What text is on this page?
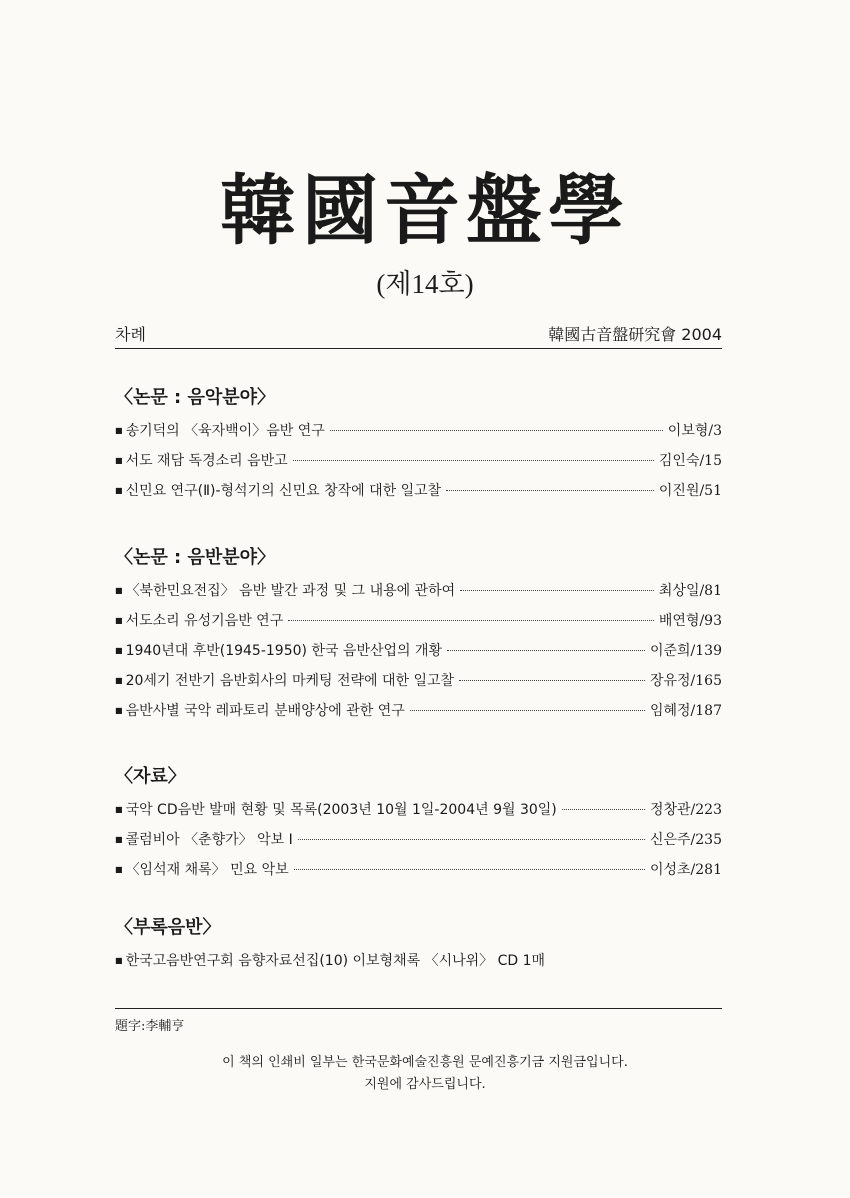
韓國音盤學
(제14호)
차례	韓國古音盤研究會 2004
〈논문 : 음악분야〉
■ 송기덕의 〈육자백이〉음반 연구	이보형/3
■ 서도 재담 독경소리 음반고	김인숙/15
■ 신민요 연구(Ⅱ)-형석기의 신민요 창작에 대한 일고찰	이진원/51
〈논문 : 음반분야〉
■ 〈북한민요전집〉 음반 발간 과정 및 그 내용에 관하여	최상일/81
■ 서도소리 유성기음반 연구	배연형/93
■ 1940년대 후반(1945-1950) 한국 음반산업의 개황	이준희/139
■ 20세기 전반기 음반회사의 마케팅 전략에 대한 일고찰	장유정/165
■ 음반사별 국악 레파토리 분배양상에 관한 연구	임혜정/187
〈자료〉
■ 국악 CD음반 발매 현황 및 목록(2003년 10월 1일-2004년 9월 30일)	정창관/223
■ 콜럼비아 〈춘향가〉 악보 Ⅰ	신은주/235
■ 〈임석재 채록〉 민요 악보	이성초/281
〈부록음반〉
■ 한국고음반연구회 음향자료선집(10) 이보형채록 〈시나위〉 CD 1매
題字:李輔亨
이 책의 인쇄비 일부는 한국문화예술진흥원 문예진흥기금 지원금입니다.
지원에 감사드립니다.
